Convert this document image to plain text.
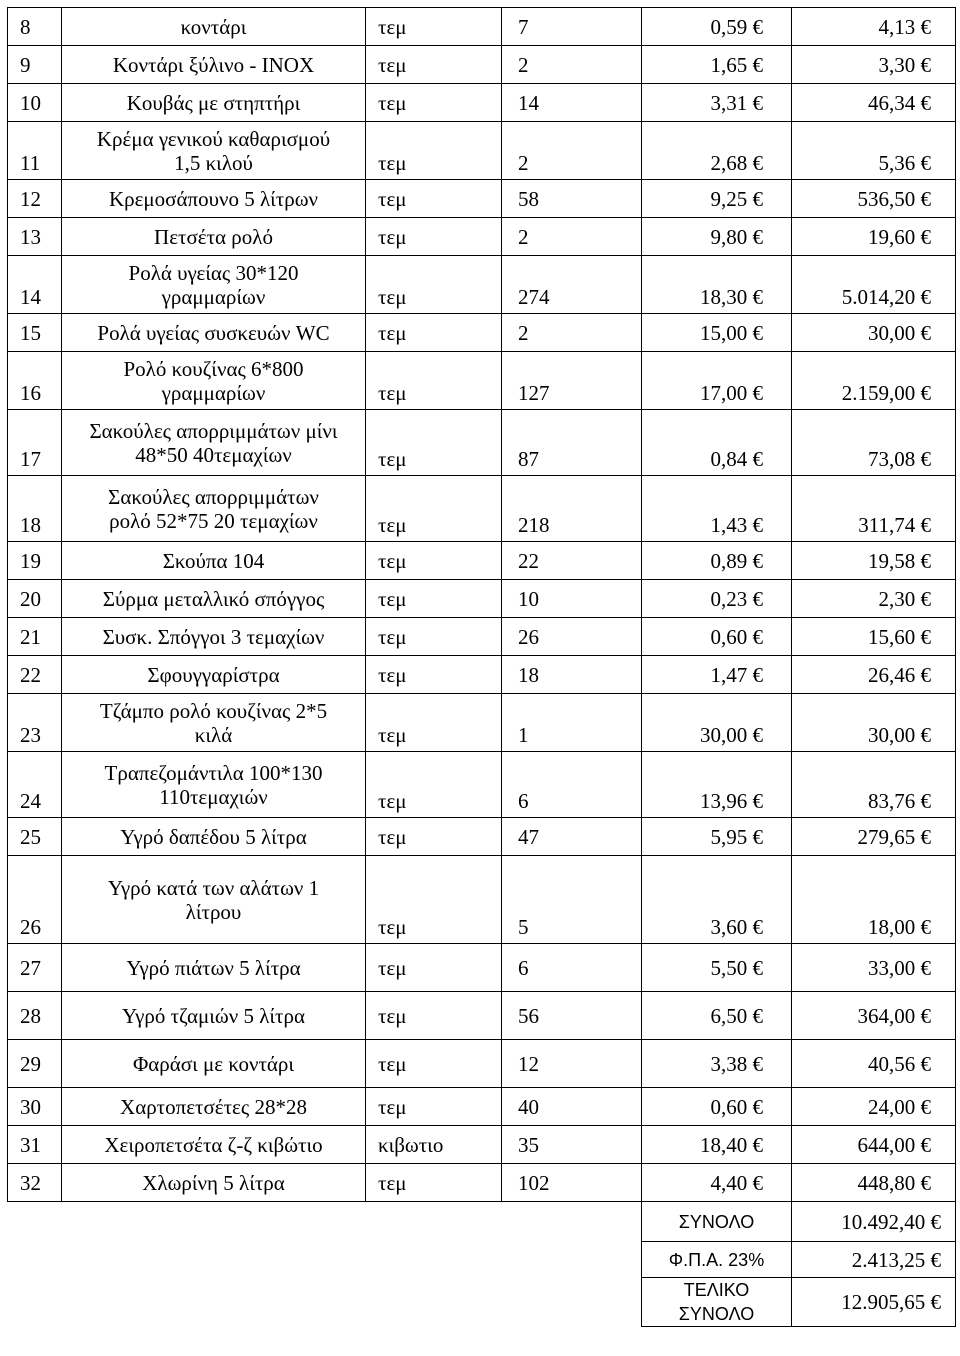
8	κοντάρι	τεμ	7	0,59 €	4,13 €
9	Κοντάρι ξύλινο - INOX	τεμ	2	1,65 €	3,30 €
10	Κουβάς με στηπτήρι	τεμ	14	3,31 €	46,34 €
11	Κρέμα γενικού καθαρισμού
1,5 κιλού	τεμ	2	2,68 €	5,36 €
12	Κρεμοσάπουνο 5 λίτρων	τεμ	58	9,25 €	536,50 €
13	Πετσέτα ρολό	τεμ	2	9,80 €	19,60 €
14	Ρολά υγείας 30*120
γραμμαρίων	τεμ	274	18,30 €	5.014,20 €
15	Ρολά υγείας συσκευών WC	τεμ	2	15,00 €	30,00 €
16	Ρολό κουζίνας 6*800
γραμμαρίων	τεμ	127	17,00 €	2.159,00 €
17	Σακούλες απορριμμάτων μίνι
48*50 40τεμαχίων	τεμ	87	0,84 €	73,08 €
18	Σακούλες απορριμμάτων
ρολό 52*75 20 τεμαχίων	τεμ	218	1,43 €	311,74 €
19	Σκούπα 104	τεμ	22	0,89 €	19,58 €
20	Σύρμα μεταλλικό σπόγγος	τεμ	10	0,23 €	2,30 €
21	Συσκ. Σπόγγοι 3 τεμαχίων	τεμ	26	0,60 €	15,60 €
22	Σφουγγαρίστρα	τεμ	18	1,47 €	26,46 €
23	Τζάμπο ρολό κουζίνας 2*5
κιλά	τεμ	1	30,00 €	30,00 €
24	Τραπεζομάντιλα 100*130
110τεμαχιών	τεμ	6	13,96 €	83,76 €
25	Υγρό δαπέδου 5 λίτρα	τεμ	47	5,95 €	279,65 €
26	Υγρό κατά των αλάτων 1
λίτρου	τεμ	5	3,60 €	18,00 €
27	Υγρό πιάτων 5 λίτρα	τεμ	6	5,50 €	33,00 €
28	Υγρό τζαμιών 5 λίτρα	τεμ	56	6,50 €	364,00 €
29	Φαράσι με κοντάρι	τεμ	12	3,38 €	40,56 €
30	Χαρτοπετσέτες 28*28	τεμ	40	0,60 €	24,00 €
31	Χειροπετσέτα ζ-ζ κιβώτιο	κιβωτιο	35	18,40 €	644,00 €
32	Χλωρίνη 5 λίτρα	τεμ	102	4,40 €	448,80 €
				ΣΥΝΟΛΟ	10.492,40 €
				Φ.Π.Α. 23%	2.413,25 €
				ΤΕΛΙΚΟ ΣΥΝΟΛΟ	12.905,65 €
